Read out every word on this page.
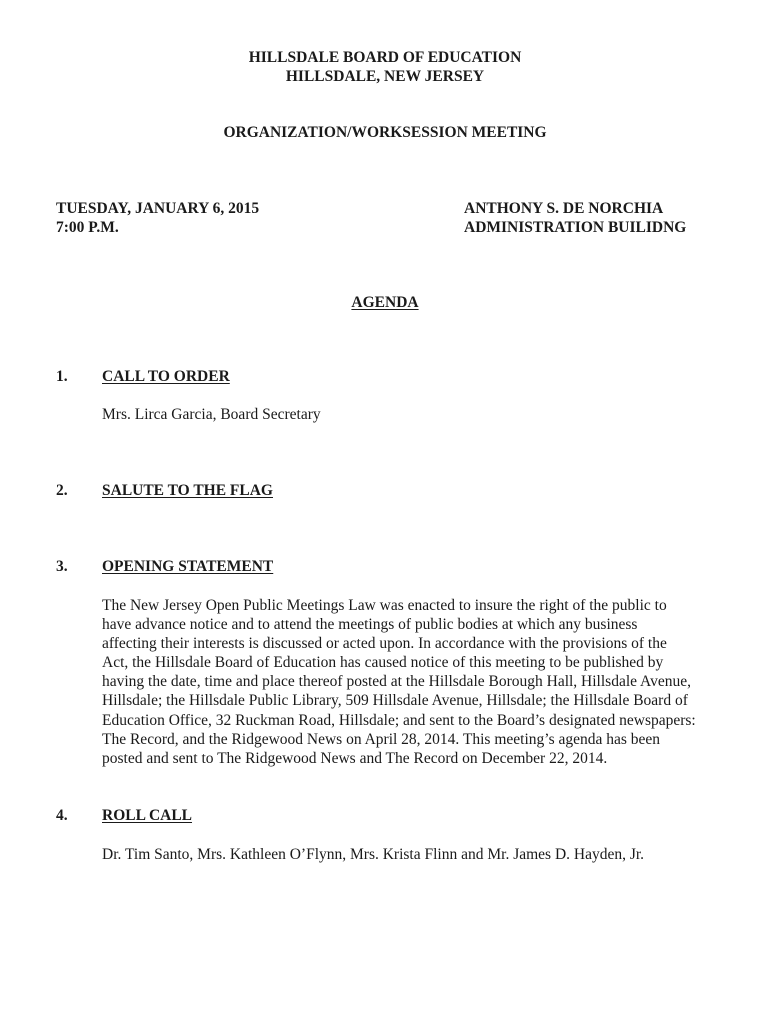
HILLSDALE BOARD OF EDUCATION
HILLSDALE, NEW JERSEY
ORGANIZATION/WORKSESSION MEETING
TUESDAY, JANUARY 6, 2015
7:00 P.M.
ANTHONY S. DE NORCHIA
ADMINISTRATION BUILIDNG
AGENDA
1. CALL TO ORDER
Mrs. Lirca Garcia, Board Secretary
2. SALUTE TO THE FLAG
3. OPENING STATEMENT
The New Jersey Open Public Meetings Law was enacted to insure the right of the public to
have advance notice and to attend the meetings of public bodies at which any business
affecting their interests is discussed or acted upon. In accordance with the provisions of the
Act, the Hillsdale Board of Education has caused notice of this meeting to be published by
having the date, time and place thereof posted at the Hillsdale Borough Hall, Hillsdale Avenue,
Hillsdale; the Hillsdale Public Library, 509 Hillsdale Avenue, Hillsdale; the Hillsdale Board of
Education Office, 32 Ruckman Road, Hillsdale; and sent to the Board’s designated newspapers:
The Record, and the Ridgewood News on April 28, 2014. This meeting’s agenda has been
posted and sent to The Ridgewood News and The Record on December 22, 2014.
4. ROLL CALL
Dr. Tim Santo, Mrs. Kathleen O’Flynn, Mrs. Krista Flinn and Mr. James D. Hayden, Jr.
